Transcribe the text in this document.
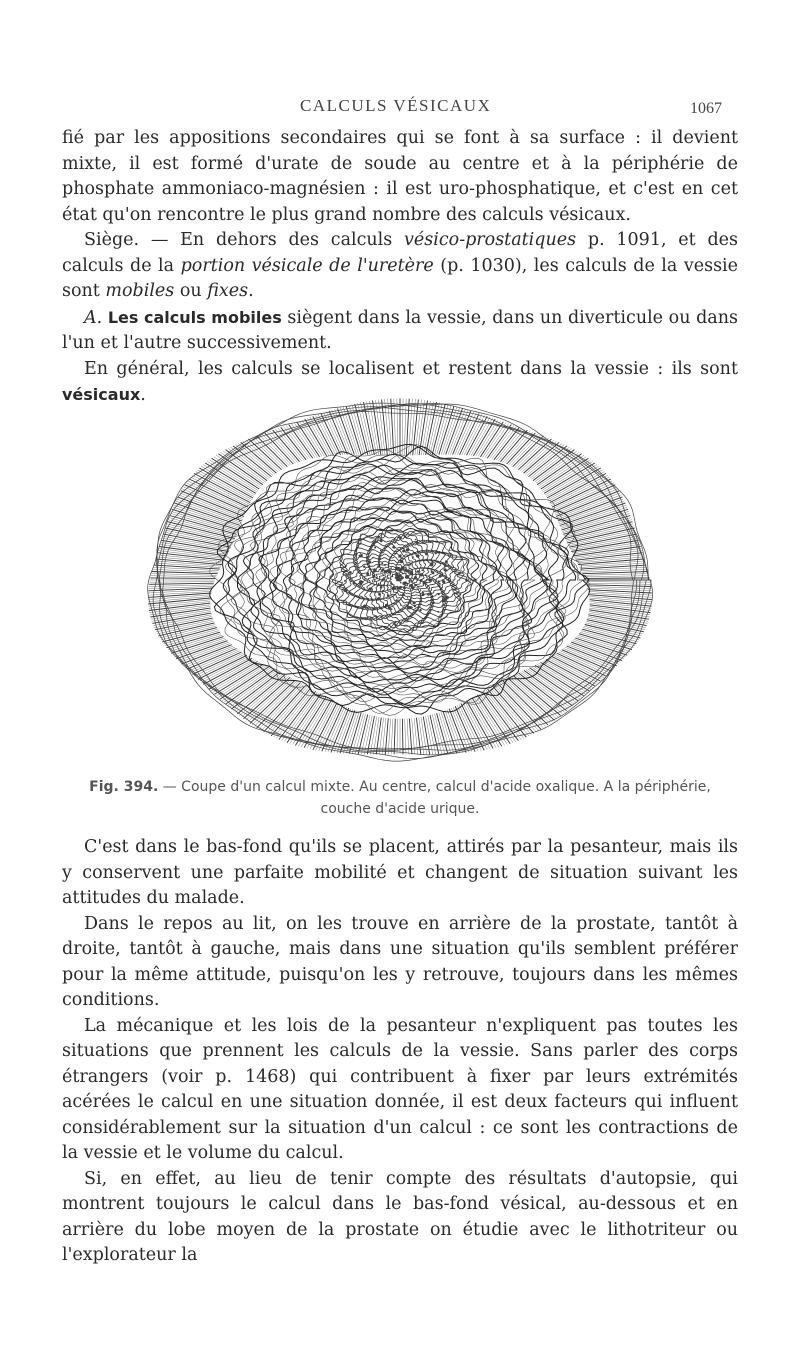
CALCULS VÉSICAUX	1067

fié par les appositions secondaires qui se font à sa surface : il devient mixte, il est formé d'urate de soude au centre et à la périphérie de phosphate ammoniaco-magnésien : il est uro-phosphatique, et c'est en cet état qu'on rencontre le plus grand nombre des calculs vésicaux.

Siège. — En dehors des calculs vésico-prostatiques p. 1091, et des calculs de la portion vésicale de l'uretère (p. 1030), les calculs de la vessie sont mobiles ou fixes.

A. Les calculs mobiles siègent dans la vessie, dans un diverticule ou dans l'un et l'autre successivement.

En général, les calculs se localisent et restent dans la vessie : ils sont vésicaux.

Fig. 394. — Coupe d'un calcul mixte. Au centre, calcul d'acide oxalique. A la périphérie, couche d'acide urique.

C'est dans le bas-fond qu'ils se placent, attirés par la pesanteur, mais ils y conservent une parfaite mobilité et changent de situation suivant les attitudes du malade.

Dans le repos au lit, on les trouve en arrière de la prostate, tantôt à droite, tantôt à gauche, mais dans une situation qu'ils semblent préférer pour la même attitude, puisqu'on les y retrouve, toujours dans les mêmes conditions.

La mécanique et les lois de la pesanteur n'expliquent pas toutes les situations que prennent les calculs de la vessie. Sans parler des corps étrangers (voir p. 1468) qui contribuent à fixer par leurs extrémités acérées le calcul en une situation donnée, il est deux facteurs qui influent considérablement sur la situation d'un calcul : ce sont les contractions de la vessie et le volume du calcul.

Si, en effet, au lieu de tenir compte des résultats d'autopsie, qui montrent toujours le calcul dans le bas-fond vésical, au-dessous et en arrière du lobe moyen de la prostate on étudie avec le lithotriteur ou l'explorateur la
